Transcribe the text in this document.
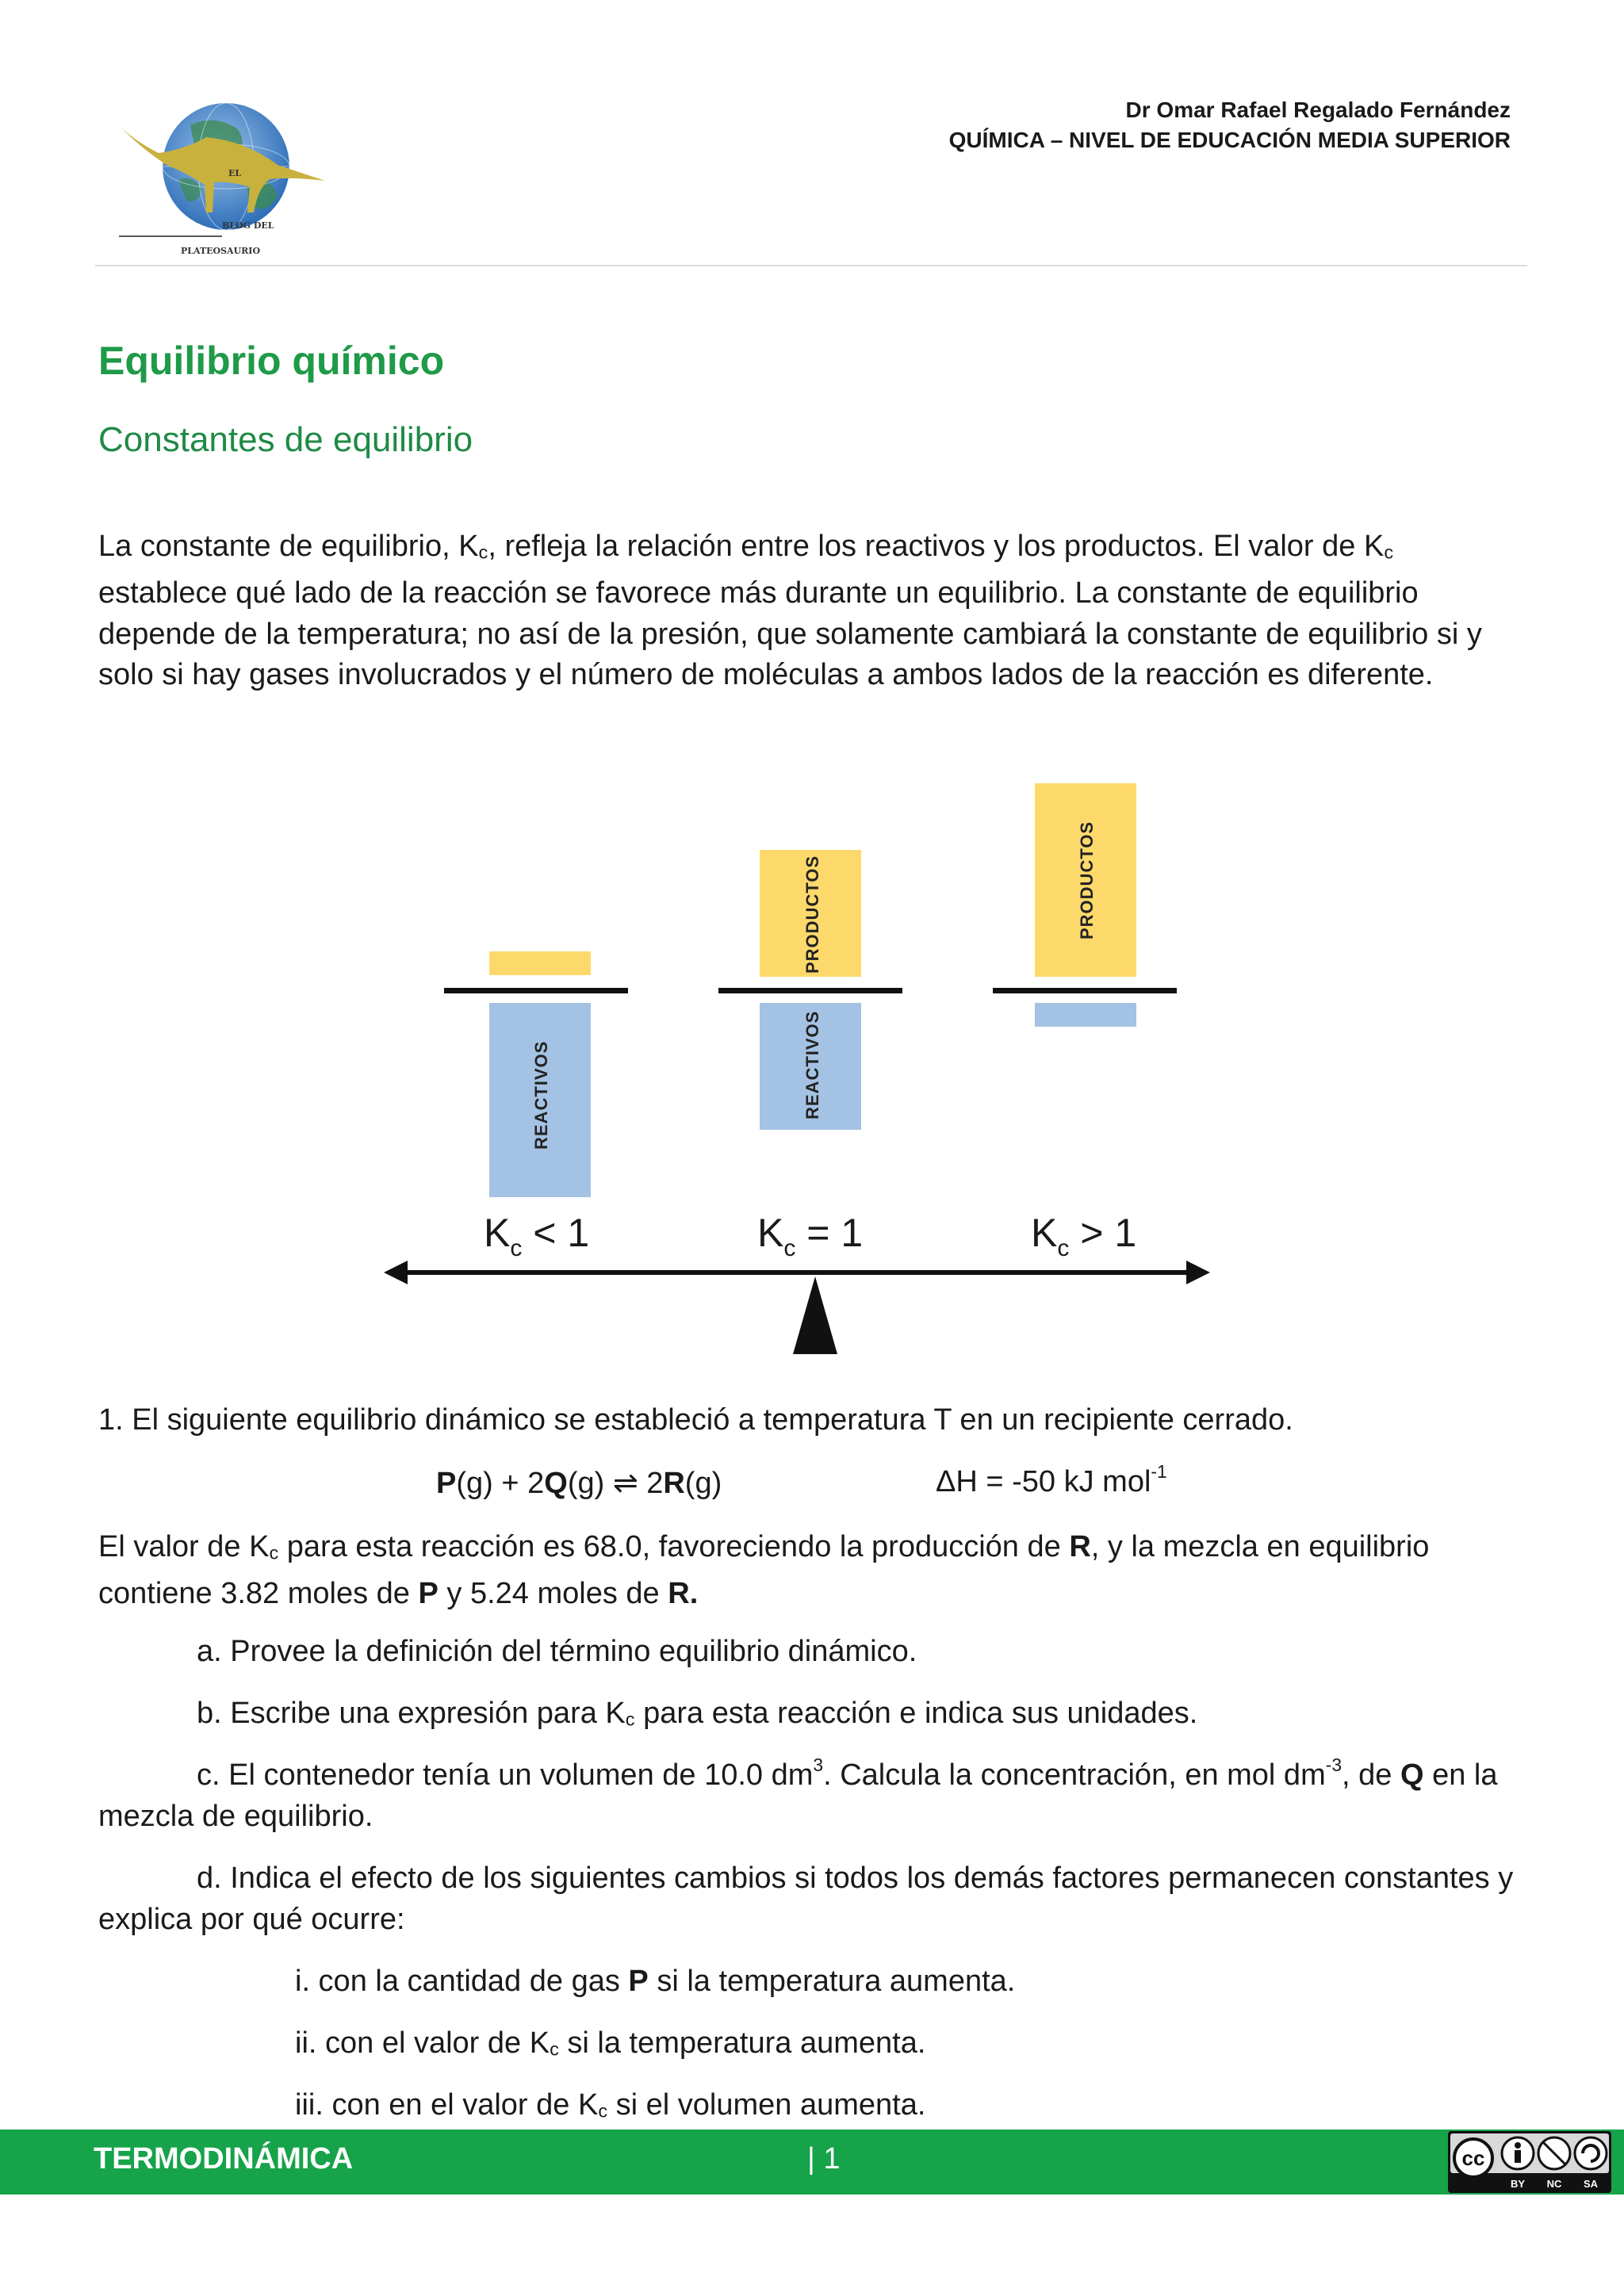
EL
BLOG DEL
PLATEOSAURIO
Dr Omar Rafael Regalado Fernández
QUÍMICA – NIVEL DE EDUCACIÓN MEDIA SUPERIOR
Equilibrio químico
Constantes de equilibrio

La constante de equilibrio, Kc, refleja la relación entre los reactivos y los productos. El valor de Kc establece qué lado de la reacción se favorece más durante un equilibrio. La constante de equilibrio depende de la temperatura; no así de la presión, que solamente cambiará la constante de equilibrio si y solo si hay gases involucrados y el número de moléculas a ambos lados de la reacción es diferente.

REACTIVOS
PRODUCTOS
REACTIVOS
PRODUCTOS
$K_c < 1$	$K_c = 1$	$K_c > 1$

1. El siguiente equilibrio dinámico se estableció a temperatura T en un recipiente cerrado.

P(g) + 2Q(g) ⇌ 2R(g)	ΔH = -50 kJ mol$^{-1}$

El valor de Kc para esta reacción es 68.0, favoreciendo la producción de R, y la mezcla en equilibrio contiene 3.82 moles de P y 5.24 moles de R.

a. Provee la definición del término equilibrio dinámico.

b. Escribe una expresión para Kc para esta reacción e indica sus unidades.

c. El contenedor tenía un volumen de 10.0 $dm^3$. Calcula la concentración, en mol $dm^{-3}$, de Q en la mezcla de equilibrio.

d. Indica el efecto de los siguientes cambios si todos los demás factores permanecen constantes y explica por qué ocurre:

i. con la cantidad de gas P si la temperatura aumenta.

ii. con el valor de Kc si la temperatura aumenta.

iii. con en el valor de Kc si el volumen aumenta.

TERMODINÁMICA	| 1	cc
BY NC SA
